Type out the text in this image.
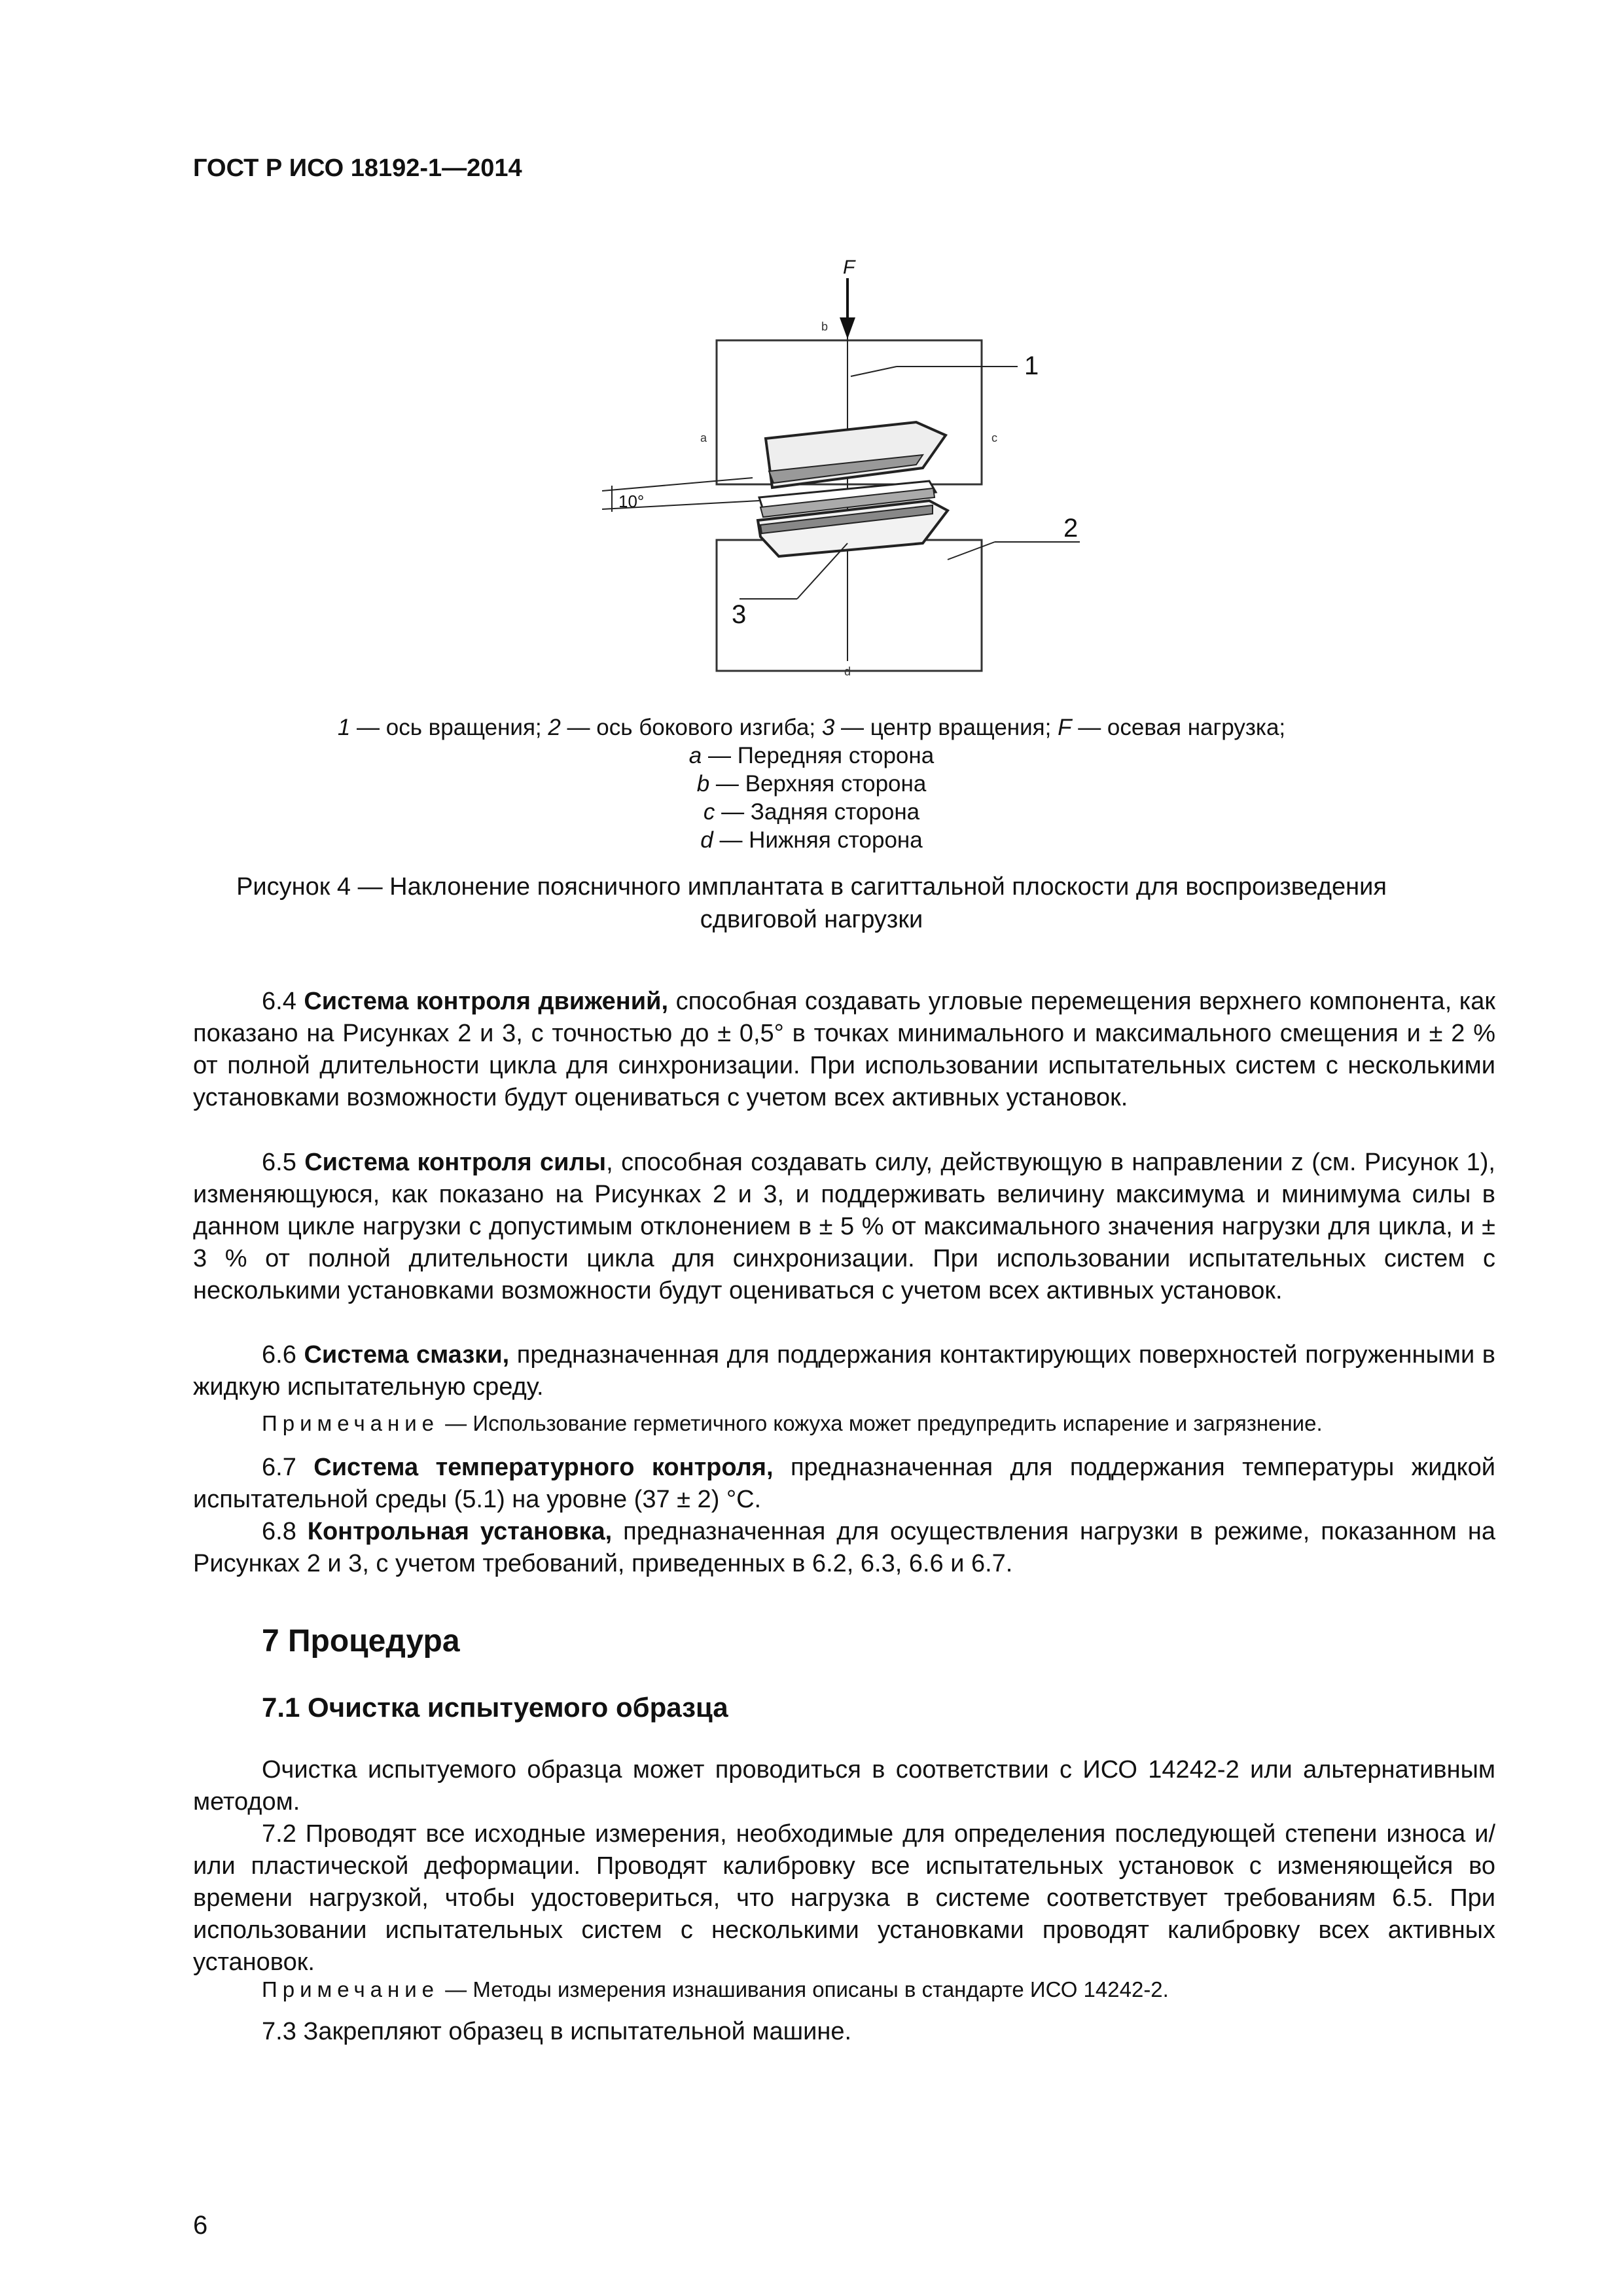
ГОСТ Р ИСО 18192-1—2014
F
b
a	c
d
10°
1
2
3
1 — ось вращения; 2 — ось бокового изгиба; 3 — центр вращения; F — осевая нагрузка;
a — Передняя сторона
b — Верхняя сторона
c — Задняя сторона
d — Нижняя сторона
Рисунок 4 — Наклонение поясничного имплантата в сагиттальной плоскости для воспроизведения сдвиговой нагрузки
6.4 Система контроля движений, способная создавать угловые перемещения верхнего компонента, как показано на Рисунках 2 и 3, с точностью до ± 0,5° в точках минимального и максимального смещения и ± 2 % от полной длительности цикла для синхронизации. При использовании испытательных систем с несколькими установками возможности будут оцениваться с учетом всех активных установок.
6.5 Система контроля силы, способная создавать силу, действующую в направлении z (см. Рисунок 1), изменяющуюся, как показано на Рисунках 2 и 3, и поддерживать величину максимума и минимума силы в данном цикле нагрузки с допустимым отклонением в ± 5 % от максимального значения нагрузки для цикла, и ± 3 % от полной длительности цикла для синхронизации. При использовании испытательных систем с несколькими установками возможности будут оцениваться с учетом всех активных установок.
6.6 Система смазки, предназначенная для поддержания контактирующих поверхностей погруженными в жидкую испытательную среду.
Примечание — Использование герметичного кожуха может предупредить испарение и загрязнение.
6.7 Система температурного контроля, предназначенная для поддержания температуры жидкой испытательной среды (5.1) на уровне (37 ± 2) °С.
6.8 Контрольная установка, предназначенная для осуществления нагрузки в режиме, показанном на Рисунках 2 и 3, с учетом требований, приведенных в 6.2, 6.3, 6.6 и 6.7.
7 Процедура
7.1 Очистка испытуемого образца
Очистка испытуемого образца может проводиться в соответствии с ИСО 14242-2 или альтернативным методом.
7.2 Проводят все исходные измерения, необходимые для определения последующей степени износа и/или пластической деформации. Проводят калибровку все испытательных установок с изменяющейся во времени нагрузкой, чтобы удостовериться, что нагрузка в системе соответствует требованиям 6.5. При использовании испытательных систем с несколькими установками проводят калибровку всех активных установок.
Примечание — Методы измерения изнашивания описаны в стандарте ИСО 14242-2.
7.3 Закрепляют образец в испытательной машине.
6
